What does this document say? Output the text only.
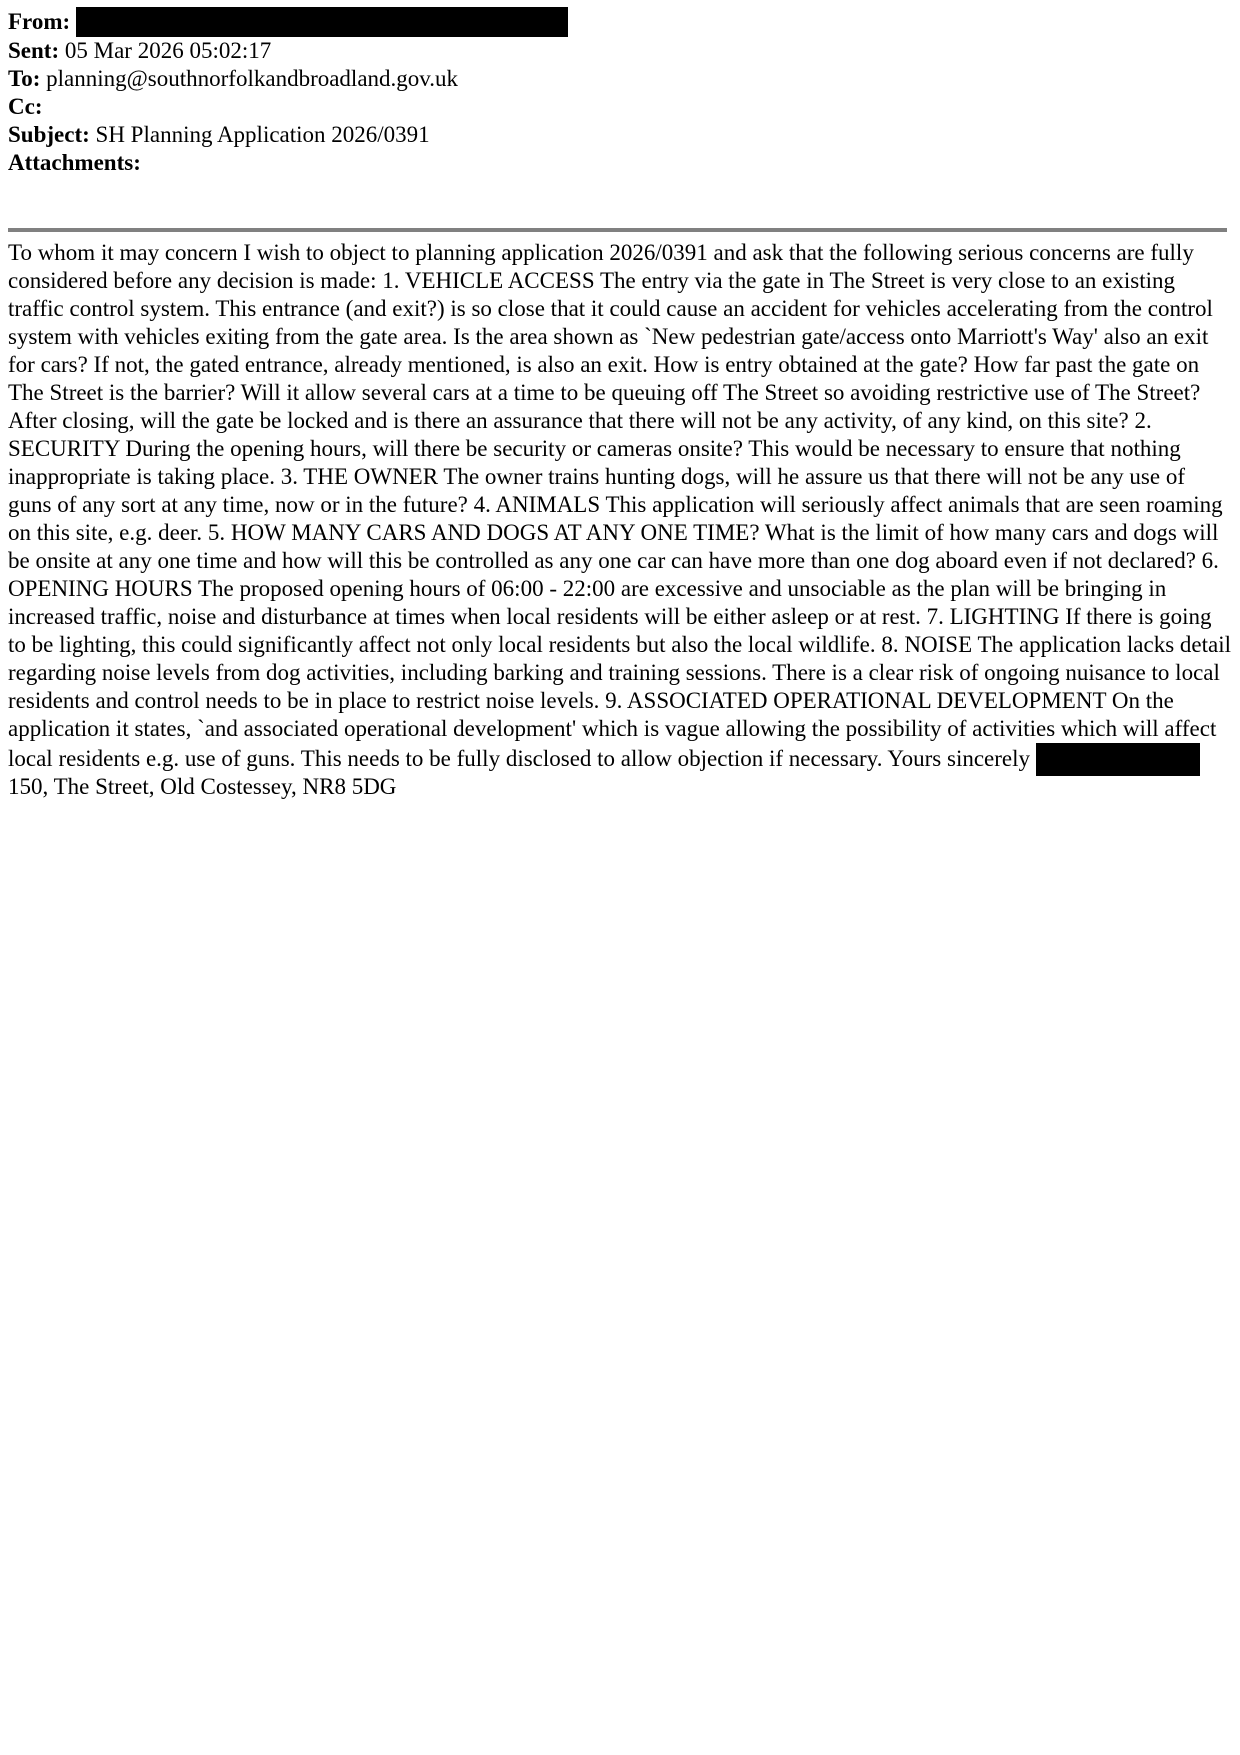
From:
Sent: 05 Mar 2026 05:02:17
To: planning@southnorfolkandbroadland.gov.uk
Cc:
Subject: SH Planning Application 2026/0391
Attachments:
To whom it may concern I wish to object to planning application 2026/0391 and ask that the following serious concerns are fully considered before any decision is made: 1. VEHICLE ACCESS The entry via the gate in The Street is very close to an existing traffic control system. This entrance (and exit?) is so close that it could cause an accident for vehicles accelerating from the control system with vehicles exiting from the gate area. Is the area shown as `New pedestrian gate/access onto Marriott's Way' also an exit for cars? If not, the gated entrance, already mentioned, is also an exit. How is entry obtained at the gate? How far past the gate on The Street is the barrier? Will it allow several cars at a time to be queuing off The Street so avoiding restrictive use of The Street? After closing, will the gate be locked and is there an assurance that there will not be any activity, of any kind, on this site? 2. SECURITY During the opening hours, will there be security or cameras onsite? This would be necessary to ensure that nothing inappropriate is taking place. 3. THE OWNER The owner trains hunting dogs, will he assure us that there will not be any use of guns of any sort at any time, now or in the future? 4. ANIMALS This application will seriously affect animals that are seen roaming on this site, e.g. deer. 5. HOW MANY CARS AND DOGS AT ANY ONE TIME? What is the limit of how many cars and dogs will be onsite at any one time and how will this be controlled as any one car can have more than one dog aboard even if not declared? 6. OPENING HOURS The proposed opening hours of 06:00 - 22:00 are excessive and unsociable as the plan will be bringing in increased traffic, noise and disturbance at times when local residents will be either asleep or at rest. 7. LIGHTING If there is going to be lighting, this could significantly affect not only local residents but also the local wildlife. 8. NOISE The application lacks detail regarding noise levels from dog activities, including barking and training sessions. There is a clear risk of ongoing nuisance to local residents and control needs to be in place to restrict noise levels. 9. ASSOCIATED OPERATIONAL DEVELOPMENT On the application it states, `and associated operational development' which is vague allowing the possibility of activities which will affect local residents e.g. use of guns. This needs to be fully disclosed to allow objection if necessary. Yours sincerely 150, The Street, Old Costessey, NR8 5DG
